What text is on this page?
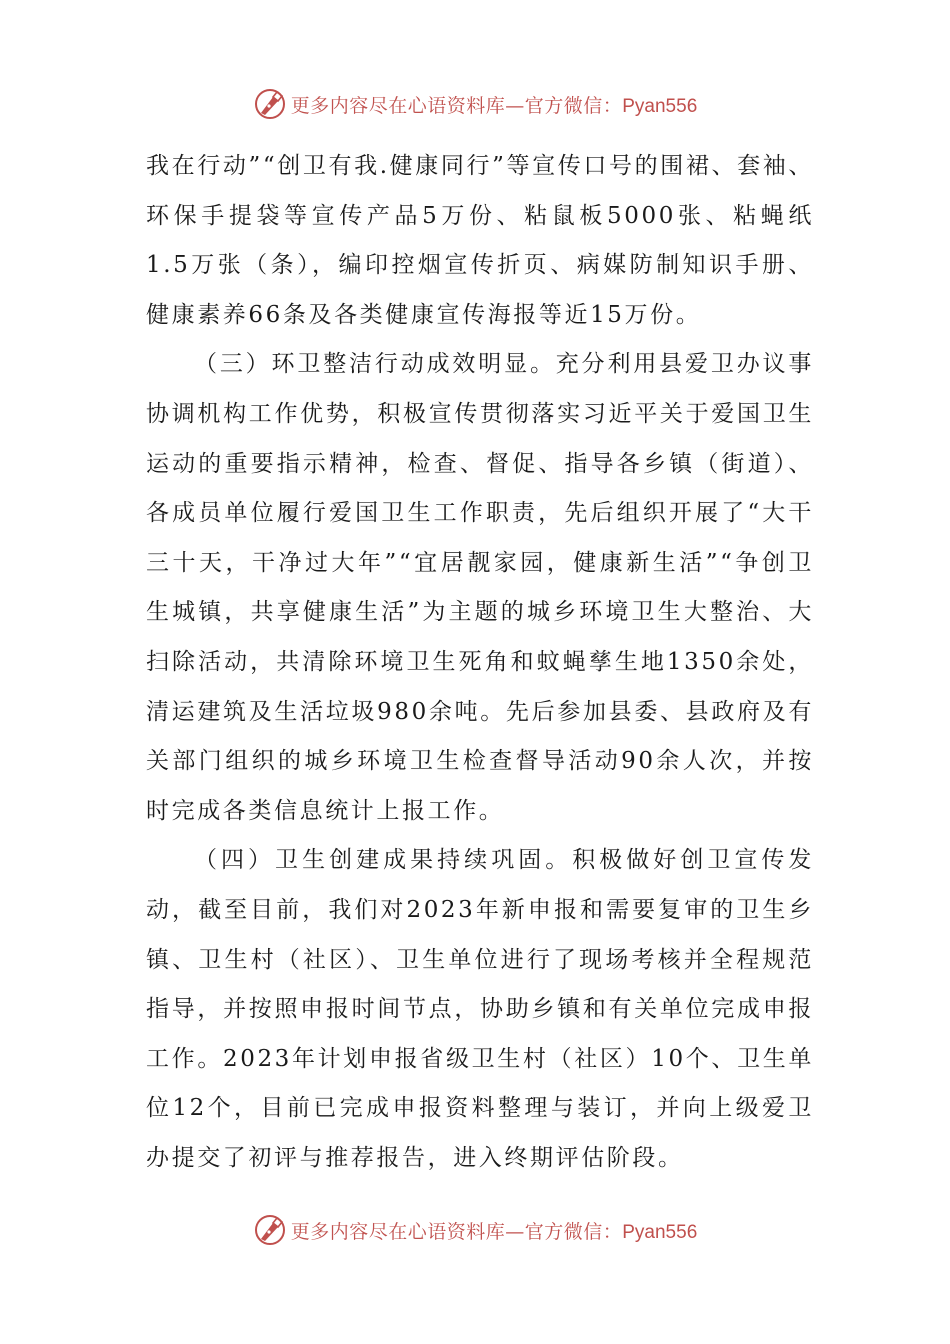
更多内容尽在心语资料库—官方微信：Pyan556

我在行动”“创卫有我.健康同行”等宣传口号的围裙、套袖、环保手提袋等宣传产品5万份、粘鼠板5000张、粘蝇纸1.5万张（条），编印控烟宣传折页、病媒防制知识手册、健康素养66条及各类健康宣传海报等近15万份。

（三）环卫整洁行动成效明显。充分利用县爱卫办议事协调机构工作优势，积极宣传贯彻落实习近平关于爱国卫生运动的重要指示精神，检查、督促、指导各乡镇（街道）、各成员单位履行爱国卫生工作职责，先后组织开展了“大干三十天，干净过大年”“宜居靓家园，健康新生活”“争创卫生城镇，共享健康生活”为主题的城乡环境卫生大整治、大扫除活动，共清除环境卫生死角和蚊蝇孳生地1350余处，清运建筑及生活垃圾980余吨。先后参加县委、县政府及有关部门组织的城乡环境卫生检查督导活动90余人次，并按时完成各类信息统计上报工作。

（四）卫生创建成果持续巩固。积极做好创卫宣传发动，截至目前，我们对2023年新申报和需要复审的卫生乡镇、卫生村（社区）、卫生单位进行了现场考核并全程规范指导，并按照申报时间节点，协助乡镇和有关单位完成申报工作。2023年计划申报省级卫生村（社区）10个、卫生单位12个，目前已完成申报资料整理与装订，并向上级爱卫办提交了初评与推荐报告，进入终期评估阶段。

更多内容尽在心语资料库—官方微信：Pyan556
